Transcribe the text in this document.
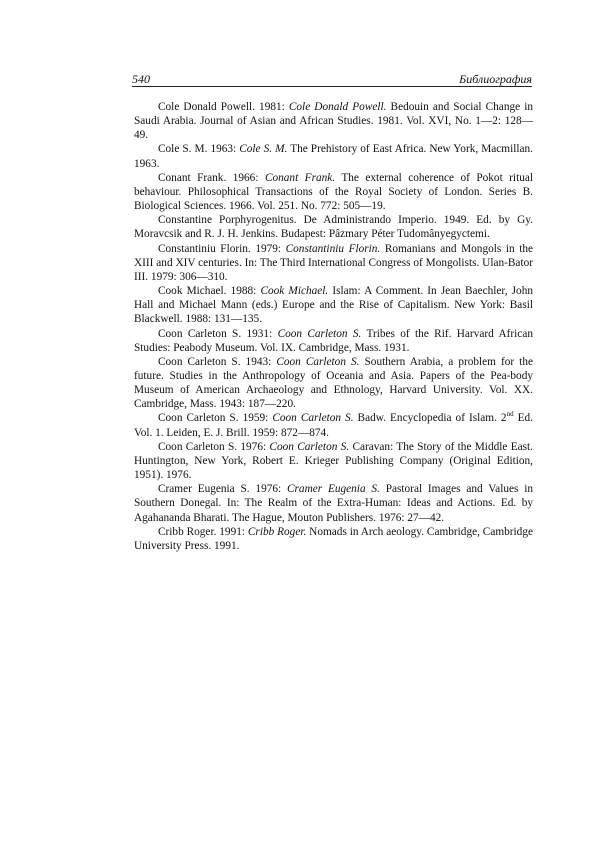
540	Библиография

Cole Donald Powell. 1981: Cole Donald Powell. Bedouin and Social Change in Saudi Arabia. Journal of Asian and African Studies. 1981. Vol. XVI, No. 1—2: 128—49.

Cole S. M. 1963: Cole S. M. The Prehistory of East Africa. New York, Macmillan. 1963.

Conant Frank. 1966: Conant Frank. The external coherence of Pokot ritual behaviour. Philosophical Transactions of the Royal Society of London. Series B. Biological Sciences. 1966. Vol. 251. No. 772: 505—19.

Constantine Porphyrogenitus. De Administrando Imperio. 1949. Ed. by Gy. Moravcsik and R. J. H. Jenkins. Budapest: Pâzmary Péter Tudomânyegyctemi.

Constantiniu Florin. 1979: Constantiniu Florin. Romanians and Mongols in the XIII and XIV centuries. In: The Third International Congress of Mongolists. Ulan-Bator III. 1979: 306—310.

Cook Michael. 1988: Cook Michael. Islam: A Comment. In Jean Baechler, John Hall and Michael Mann (eds.) Europe and the Rise of Capitalism. New York: Basil Blackwell. 1988: 131—135.

Coon Carleton S. 1931: Coon Carleton S. Tribes of the Rif. Harvard African Studies: Peabody Museum. Vol. IX. Cambridge, Mass. 1931.

Coon Carleton S. 1943: Coon Carleton S. Southern Arabia, a problem for the future. Studies in the Anthropology of Oceania and Asia. Papers of the Pea-body Museum of American Archaeology and Ethnology, Harvard University. Vol. XX. Cambridge, Mass. 1943: 187—220.

Coon Carleton S. 1959: Coon Carleton S. Badw. Encyclopedia of Islam. 2nd Ed. Vol. 1. Leiden, E. J. Brill. 1959: 872—874.

Coon Carleton S. 1976: Coon Carleton S. Caravan: The Story of the Middle East. Huntington, New York, Robert E. Krieger Publishing Company (Original Edition, 1951). 1976.

Cramer Eugenia S. 1976: Cramer Eugenia S. Pastoral Images and Values in Southern Donegal. In: The Realm of the Extra-Human: Ideas and Actions. Ed. by Agahananda Bharati. The Hague, Mouton Publishers. 1976: 27—42.

Cribb Roger. 1991: Cribb Roger. Nomads in Arch aeology. Cambridge, Cambridge University Press. 1991.
